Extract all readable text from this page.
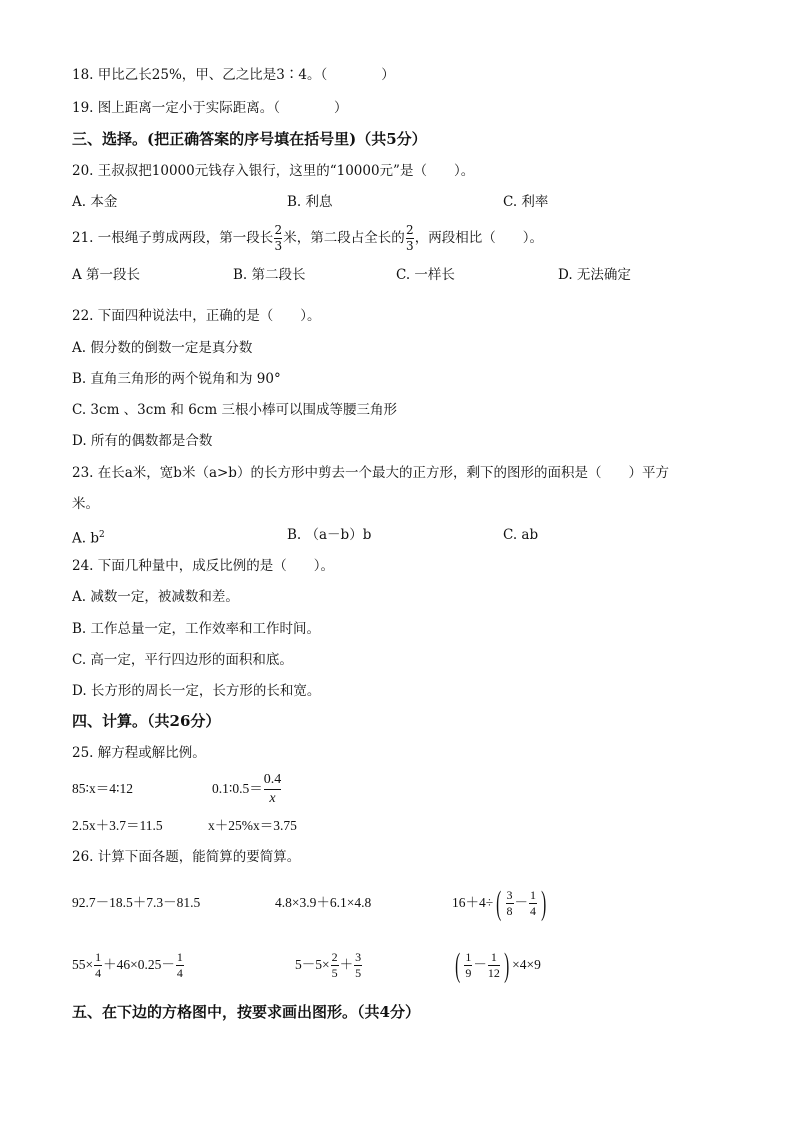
18. 甲比乙长25%，甲、乙之比是3∶4。（　　　　）
19. 图上距离一定小于实际距离。（　　　　）
三、选择。(把正确答案的序号填在括号里)（共5分）
20. 王叔叔把10000元钱存入银行，这里的“10000元”是（　　）。
A. 本金	B. 利息	C. 利率
21. 一根绳子剪成两段，第一段长 $\frac{2}{3}$ 米，第二段占全长的 $\frac{2}{3}$ ，两段相比（　　）。
A 第一段长	B. 第二段长	C. 一样长	D. 无法确定
22. 下面四种说法中，正确的是（　　）。
A. 假分数的倒数一定是真分数
B. 直角三角形的两个锐角和为 90°
C. 3cm 、3cm 和 6cm 三根小棒可以围成等腰三角形
D. 所有的偶数都是合数
23. 在长a米，宽b米（a>b）的长方形中剪去一个最大的正方形，剩下的图形的面积是（　　）平方
米。
A. $b^2$	B. （a－b）b	C. ab
24. 下面几种量中，成反比例的是（　　）。
A. 减数一定，被减数和差。
B. 工作总量一定，工作效率和工作时间。
C. 高一定，平行四边形的面积和底。
D. 长方形的周长一定，长方形的长和宽。
四、计算。（共26分）
25. 解方程或解比例。
85∶x＝4∶12	0.1∶0.5＝ $\frac{0.4}{x}$
2.5x＋3.7＝11.5	x＋25%x＝3.75
26. 计算下面各题，能简算的要简算。
92.7－18.5＋7.3－81.5	4.8×3.9＋6.1×4.8	$16+4\div( \frac{3}{8} - \frac{1}{4}$ )
$55\times \frac{1}{4} +46\times 0.25- \frac{1}{4}$	$5-5\times \frac{2}{5} + \frac{3}{5}$	( $\frac{1}{9} - \frac{1}{12}$ ) ×4×9
五、在下边的方格图中，按要求画出图形。（共4分）
